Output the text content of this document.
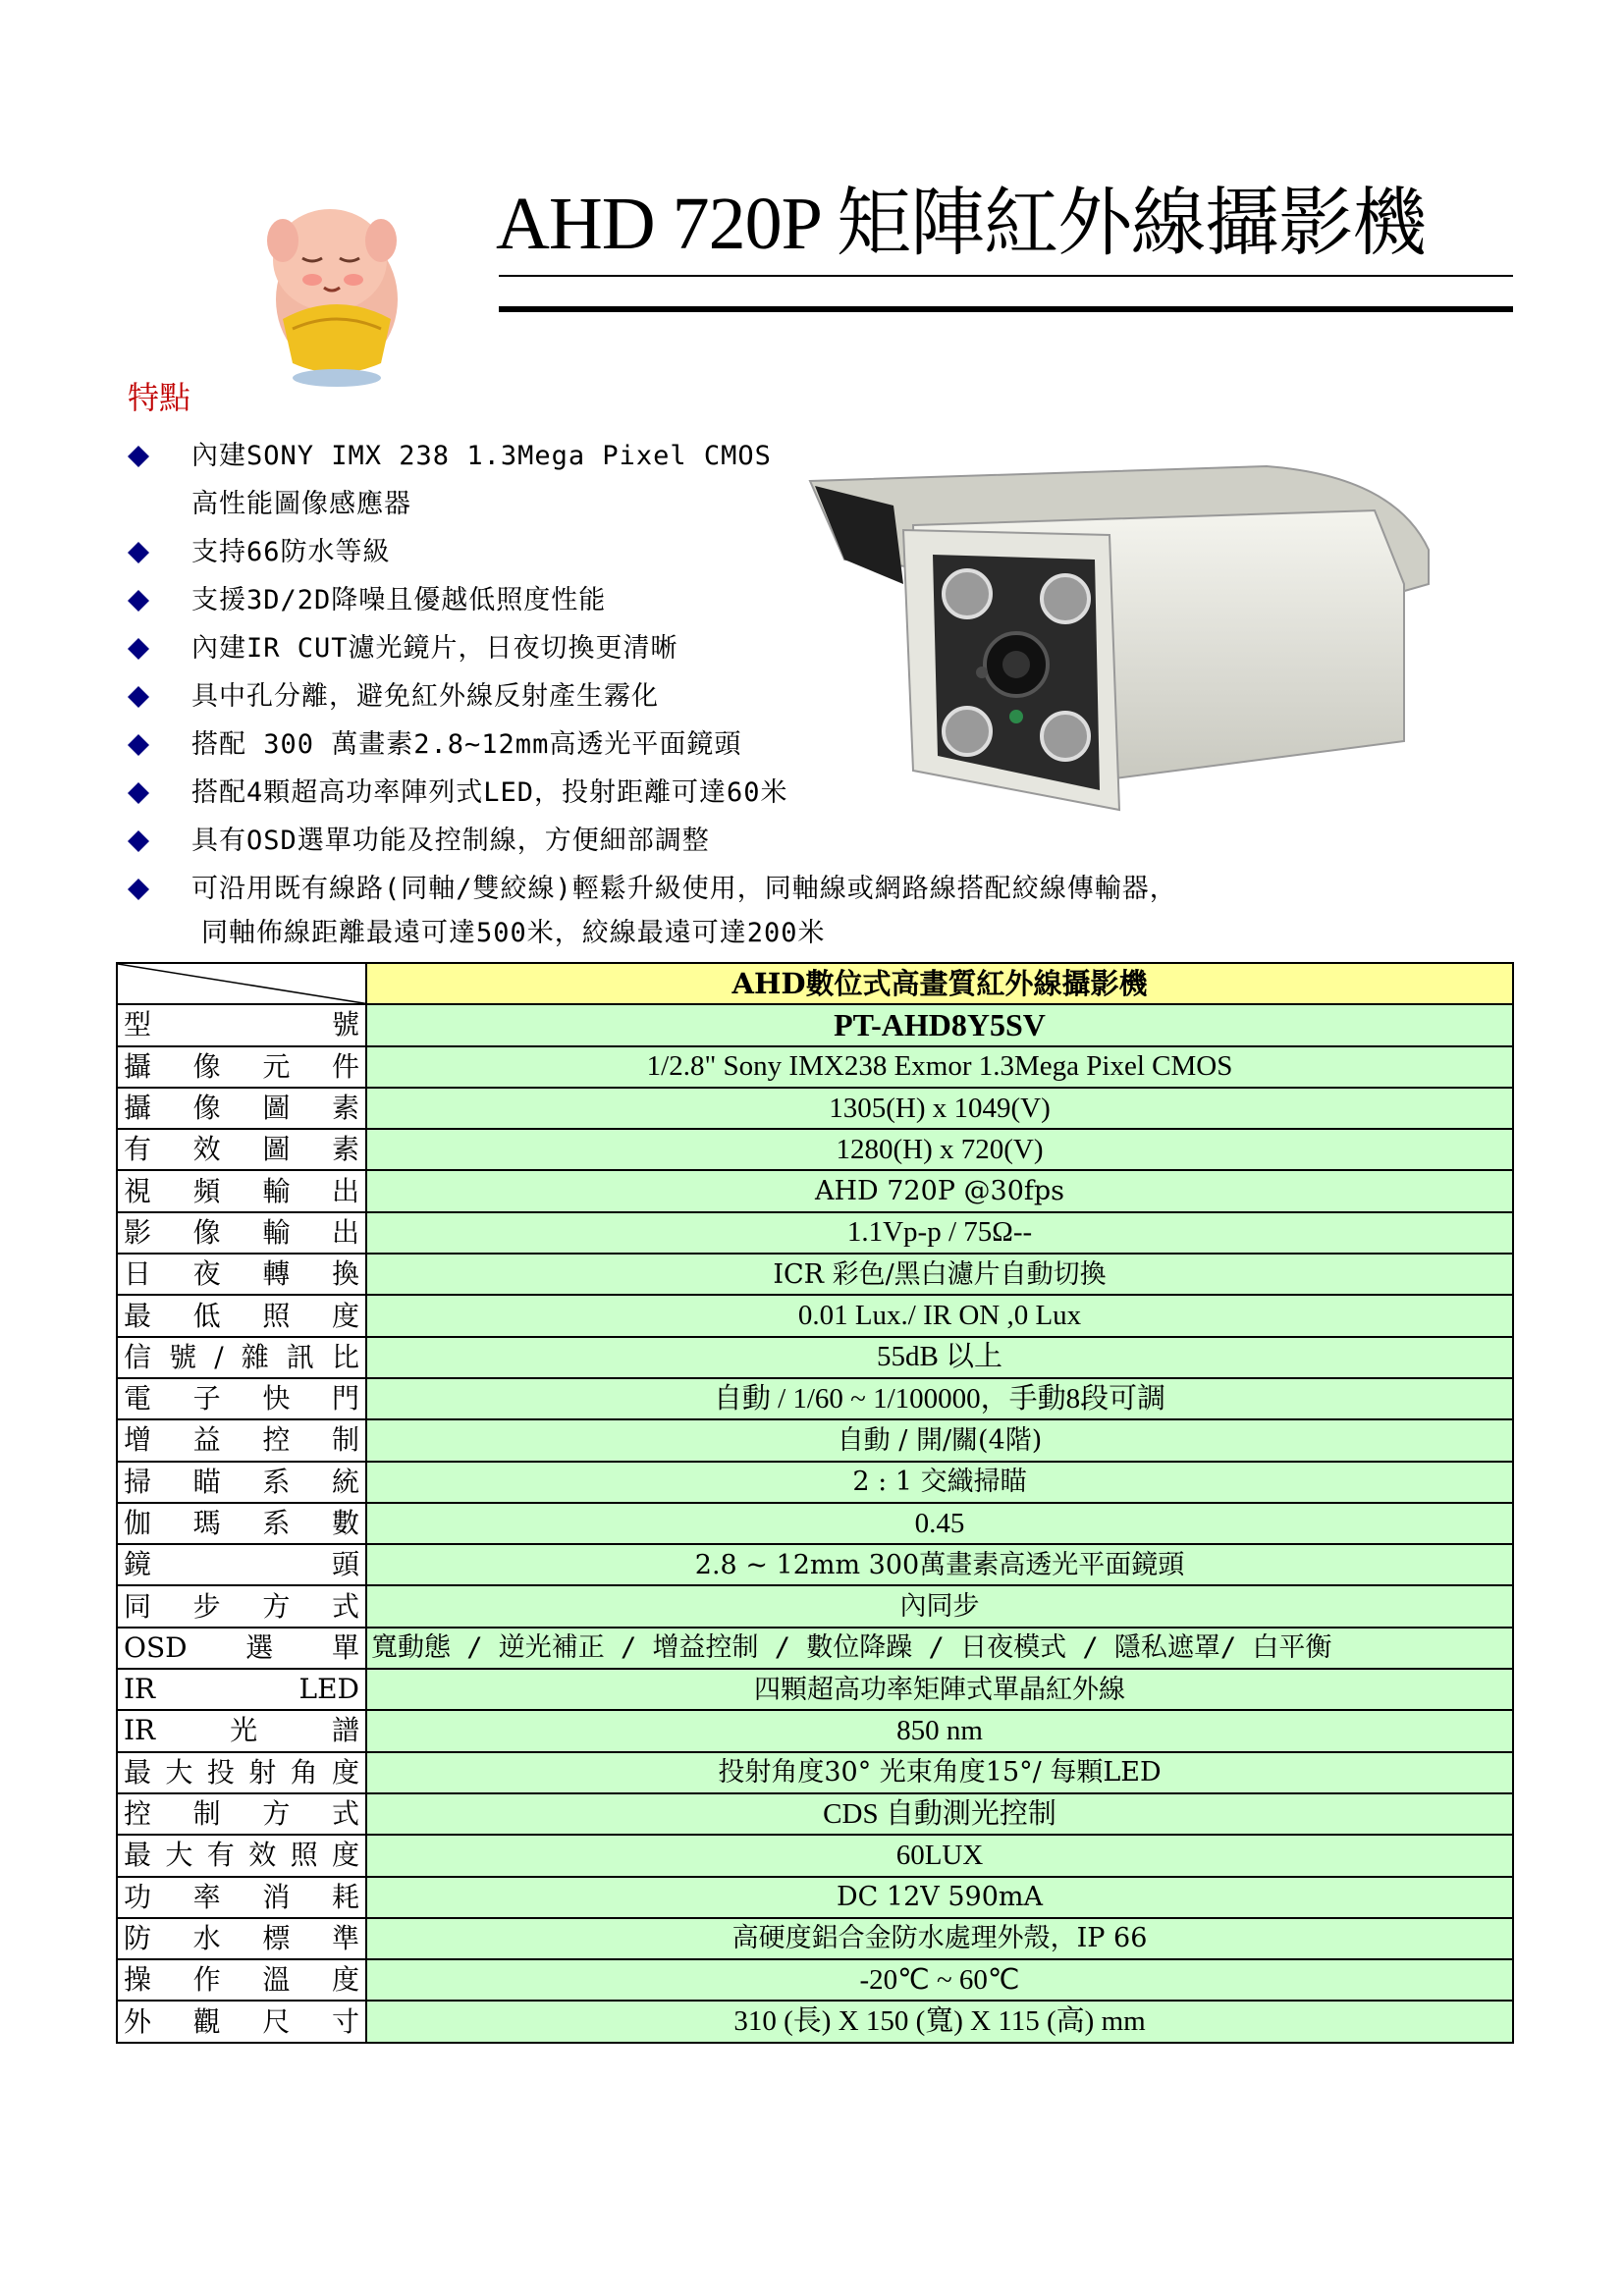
AHD 720P 矩陣紅外線攝影機
特點
內建SONY IMX 238 1.3Mega Pixel CMOS
高性能圖像感應器
支持66防水等級
支援3D/2D降噪且優越低照度性能
內建IR CUT濾光鏡片，日夜切換更清晰
具中孔分離，避免紅外線反射產生霧化
搭配 300 萬畫素2.8~12mm高透光平面鏡頭
搭配4顆超高功率陣列式LED，投射距離可達60米
具有OSD選單功能及控制線，方便細部調整
可沿用既有線路(同軸/雙絞線)輕鬆升級使用，同軸線或網路線搭配絞線傳輸器，
同軸佈線距離最遠可達500米，絞線最遠可達200米
	AHD數位式高畫質紅外線攝影機
型號	PT-AHD8Y5SV
攝像元件	1/2.8" Sony IMX238 Exmor 1.3Mega Pixel CMOS
攝像圖素	1305(H) x 1049(V)
有效圖素	1280(H) x 720(V)
視頻輸出	AHD 720P @30fps
影像輸出	1.1Vp-p / 75Ω--
日夜轉換	ICR 彩色/黑白濾片自動切換
最低照度	0.01 Lux./ IR ON ,0 Lux
信號/雜訊比	55dB 以上
電子快門	自動 / 1/60 ~ 1/100000，手動8段可調
增益控制	自動 / 開/關(4階)
掃瞄系統	2 : 1 交織掃瞄
伽瑪系數	0.45
鏡頭	2.8 ~ 12mm 300萬畫素高透光平面鏡頭
同步方式	內同步
OSD選單	寬動態 / 逆光補正 / 增益控制 / 數位降躁 / 日夜模式 / 隱私遮罩/ 白平衡
IR LED	四顆超高功率矩陣式單晶紅外線
IR光譜	850 nm
最大投射角度	投射角度30° 光束角度15°/ 每顆LED
控制方式	CDS 自動測光控制
最大有效照度	60LUX
功率消耗	DC 12V 590mA
防水標準	高硬度鋁合金防水處理外殼，IP 66
操作溫度	-20℃ ~ 60℃
外觀尺寸	310 (長) X 150 (寬) X 115 (高) mm
